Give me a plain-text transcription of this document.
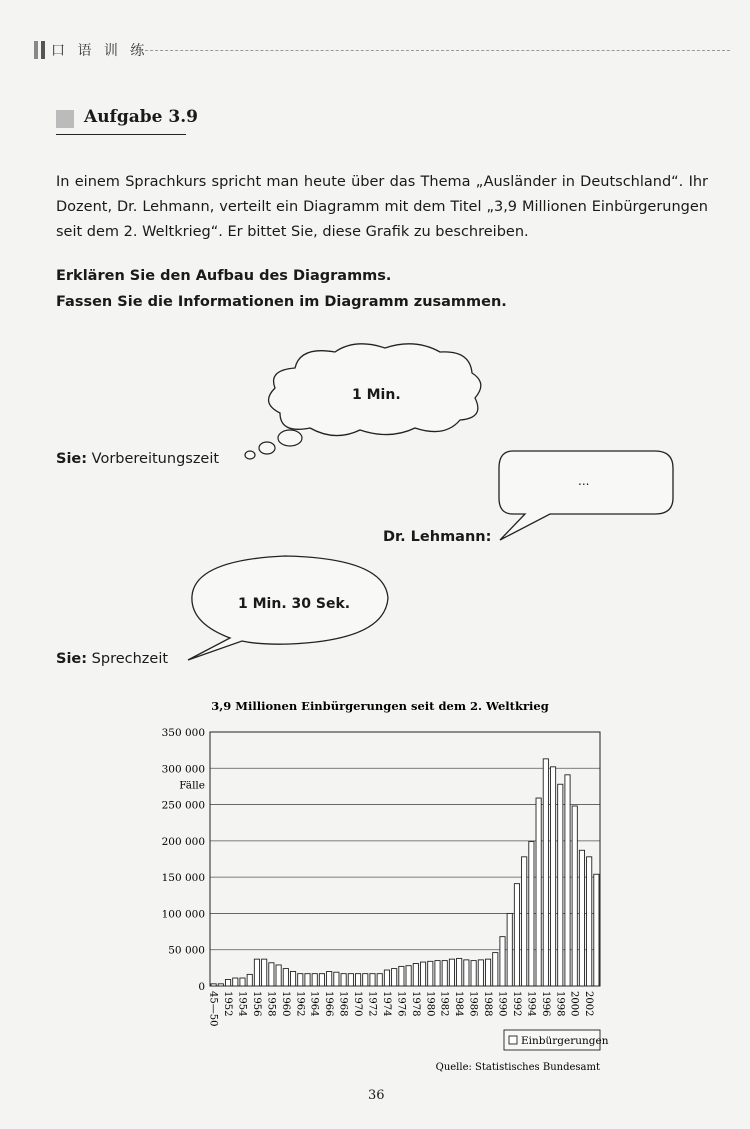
口 语 训 练
Aufgabe 3.9
In einem Sprachkurs spricht man heute über das Thema „Ausländer in Deutschland“. Ihr Dozent, Dr. Lehmann, verteilt ein Diagramm mit dem Titel „3,9 Millionen Einbürgerungen seit dem 2. Weltkrieg“. Er bittet Sie, diese Grafik zu beschreiben.
Erklären Sie den Aufbau des Diagramms.
Fassen Sie die Informationen im Diagramm zusammen.
1 Min.
Sie: Vorbereitungszeit
...
Dr. Lehmann:
1 Min. 30 Sek.
Sie: Sprechzeit
3,9 Millionen Einbürgerungen seit dem 2. Weltkrieg
0
50 000
100 000
150 000
200 000
250 000
300 000
350 000
Fälle
45—50 1952 1954 1956 1958 1960 1962 1964 1966 1968 1970 1972 1974 1976 1978 1980 1982 1984 1986 1988 1990 1992 1994 1996 1998 2000 2002
Einbürgerungen
Quelle: Statistisches Bundesamt
36
